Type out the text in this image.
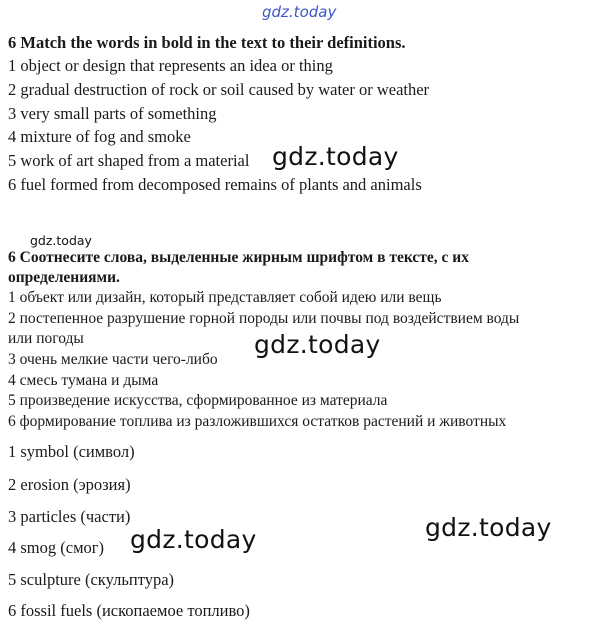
gdz.today
6 Match the words in bold in the text to their definitions.
1 object or design that represents an idea or thing
2 gradual destruction of rock or soil caused by water or weather
3 very small parts of something
4 mixture of fog and smoke
5 work of art shaped from a material
6 fuel formed from decomposed remains of plants and animals
gdz.today
gdz.today
6 Соотнесите слова, выделенные жирным шрифтом в тексте, с их
определениями.
1 объект или дизайн, который представляет собой идею или вещь
2 постепенное разрушение горной породы или почвы под воздействием воды
или погоды
3 очень мелкие части чего-либо
4 смесь тумана и дыма
5 произведение искусства, сформированное из материала
6 формирование топлива из разложившихся остатков растений и животных
gdz.today
1 symbol (символ)
2 erosion (эрозия)
3 particles (части)
4 smog (смог)
5 sculpture (скульптура)
6 fossil fuels (ископаемое топливо)
gdz.today	gdz.today
